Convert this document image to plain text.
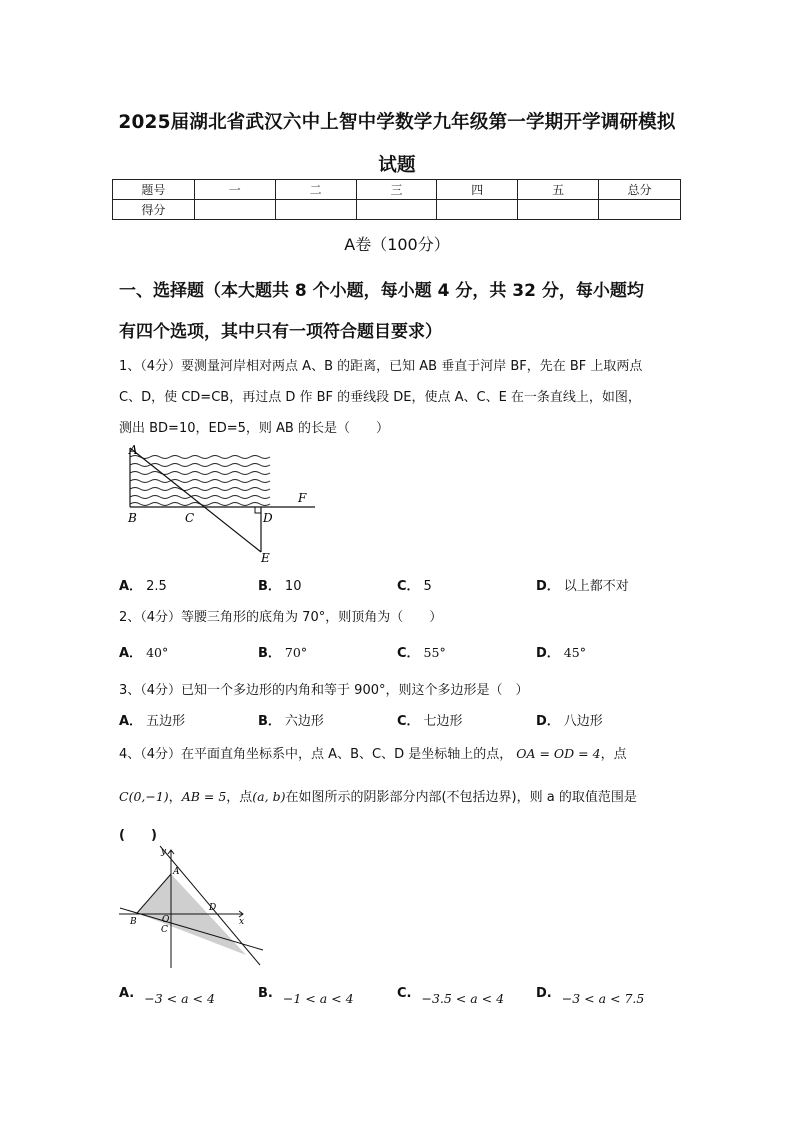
2025届湖北省武汉六中上智中学数学九年级第一学期开学调研模拟
试题
题号	一	二	三	四	五	总分
得分						
A卷（100分）
一、选择题（本大题共 8 个小题，每小题 4 分，共 32 分，每小题均
有四个选项，其中只有一项符合题目要求）
1、（4分）要测量河岸相对两点 A、B 的距离，已知 AB 垂直于河岸 BF，先在 BF 上取两点
C、D，使 CD=CB，再过点 D 作 BF 的垂线段 DE，使点 A、C、E 在一条直线上，如图，
测出 BD=10，ED=5，则 AB 的长是（　　）
A
B	C	D
E
F
A． 2.5	B． 10	C． 5	D． 以上都不对
2、（4分）等腰三角形的底角为 70°，则顶角为（　　）
A． 40°	B． 70°	C． 55°	D． 45°
3、（4分）已知一个多边形的内角和等于 900°，则这个多边形是（　）
A． 五边形	B． 六边形	C． 七边形	D． 八边形
4、（4分）在平面直角坐标系中，点 A、B、C、D 是坐标轴上的点， OA = OD = 4，点
C(0,−1)，AB = 5，点(a, b)在如图所示的阴影部分内部(不包括边界)，则 a 的取值范围是
(　　)
y
x
A
B	O
C
D
A. −3 < a < 4	B. −1 < a < 4	C. −3.5 < a < 4 D. −3 < a < 7.5
